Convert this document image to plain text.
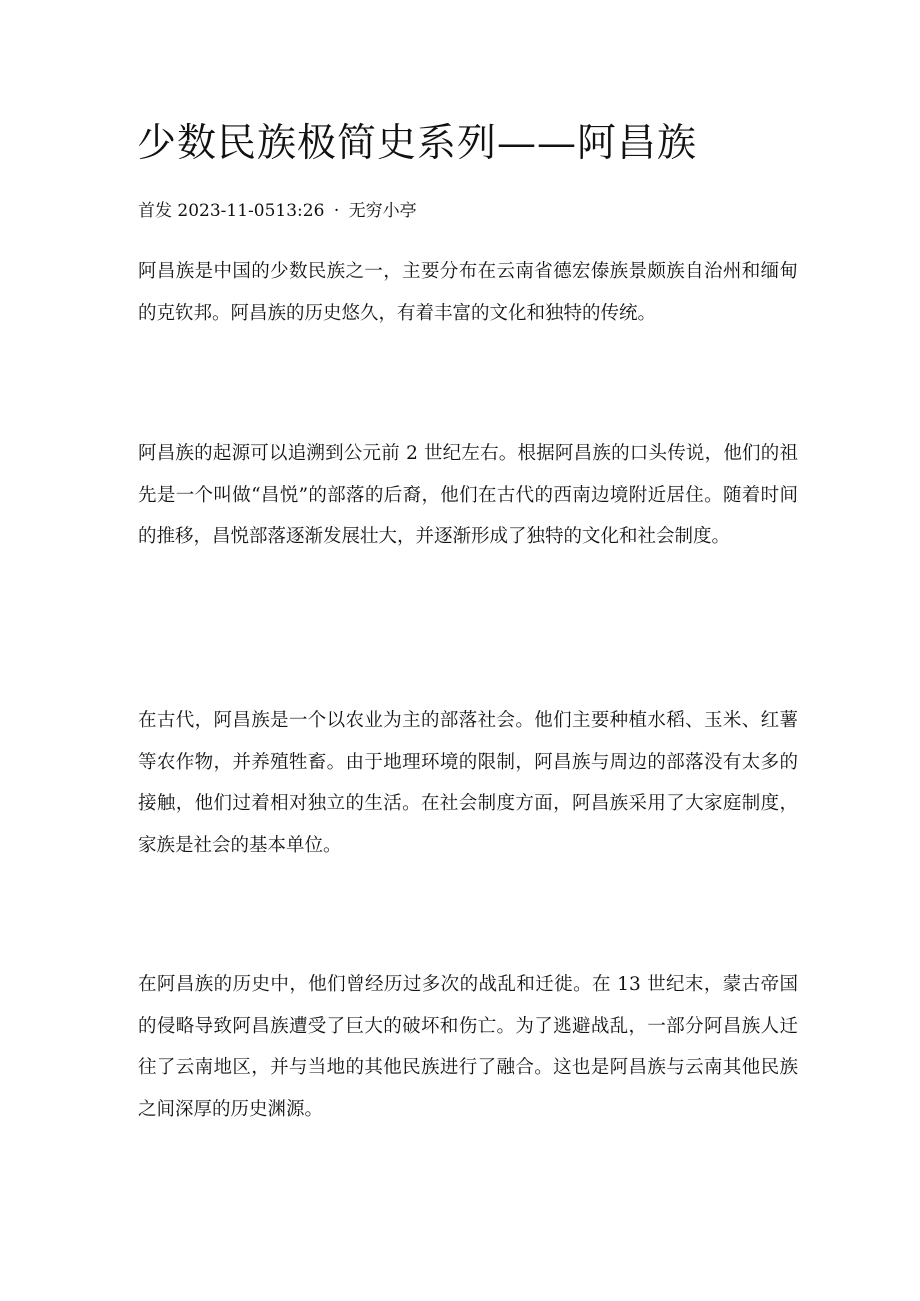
少数民族极简史系列——阿昌族
首发 2023-11-0513:26 · 无穷小亭

阿昌族是中国的少数民族之一，主要分布在云南省德宏傣族景颇族自治州和缅甸的克钦邦。阿昌族的历史悠久，有着丰富的文化和独特的传统。

阿昌族的起源可以追溯到公元前 2 世纪左右。根据阿昌族的口头传说，他们的祖先是一个叫做“昌悦”的部落的后裔，他们在古代的西南边境附近居住。随着时间的推移，昌悦部落逐渐发展壮大，并逐渐形成了独特的文化和社会制度。

在古代，阿昌族是一个以农业为主的部落社会。他们主要种植水稻、玉米、红薯等农作物，并养殖牲畜。由于地理环境的限制，阿昌族与周边的部落没有太多的接触，他们过着相对独立的生活。在社会制度方面，阿昌族采用了大家庭制度，家族是社会的基本单位。

在阿昌族的历史中，他们曾经历过多次的战乱和迁徙。在 13 世纪末，蒙古帝国的侵略导致阿昌族遭受了巨大的破坏和伤亡。为了逃避战乱，一部分阿昌族人迁往了云南地区，并与当地的其他民族进行了融合。这也是阿昌族与云南其他民族之间深厚的历史渊源。
